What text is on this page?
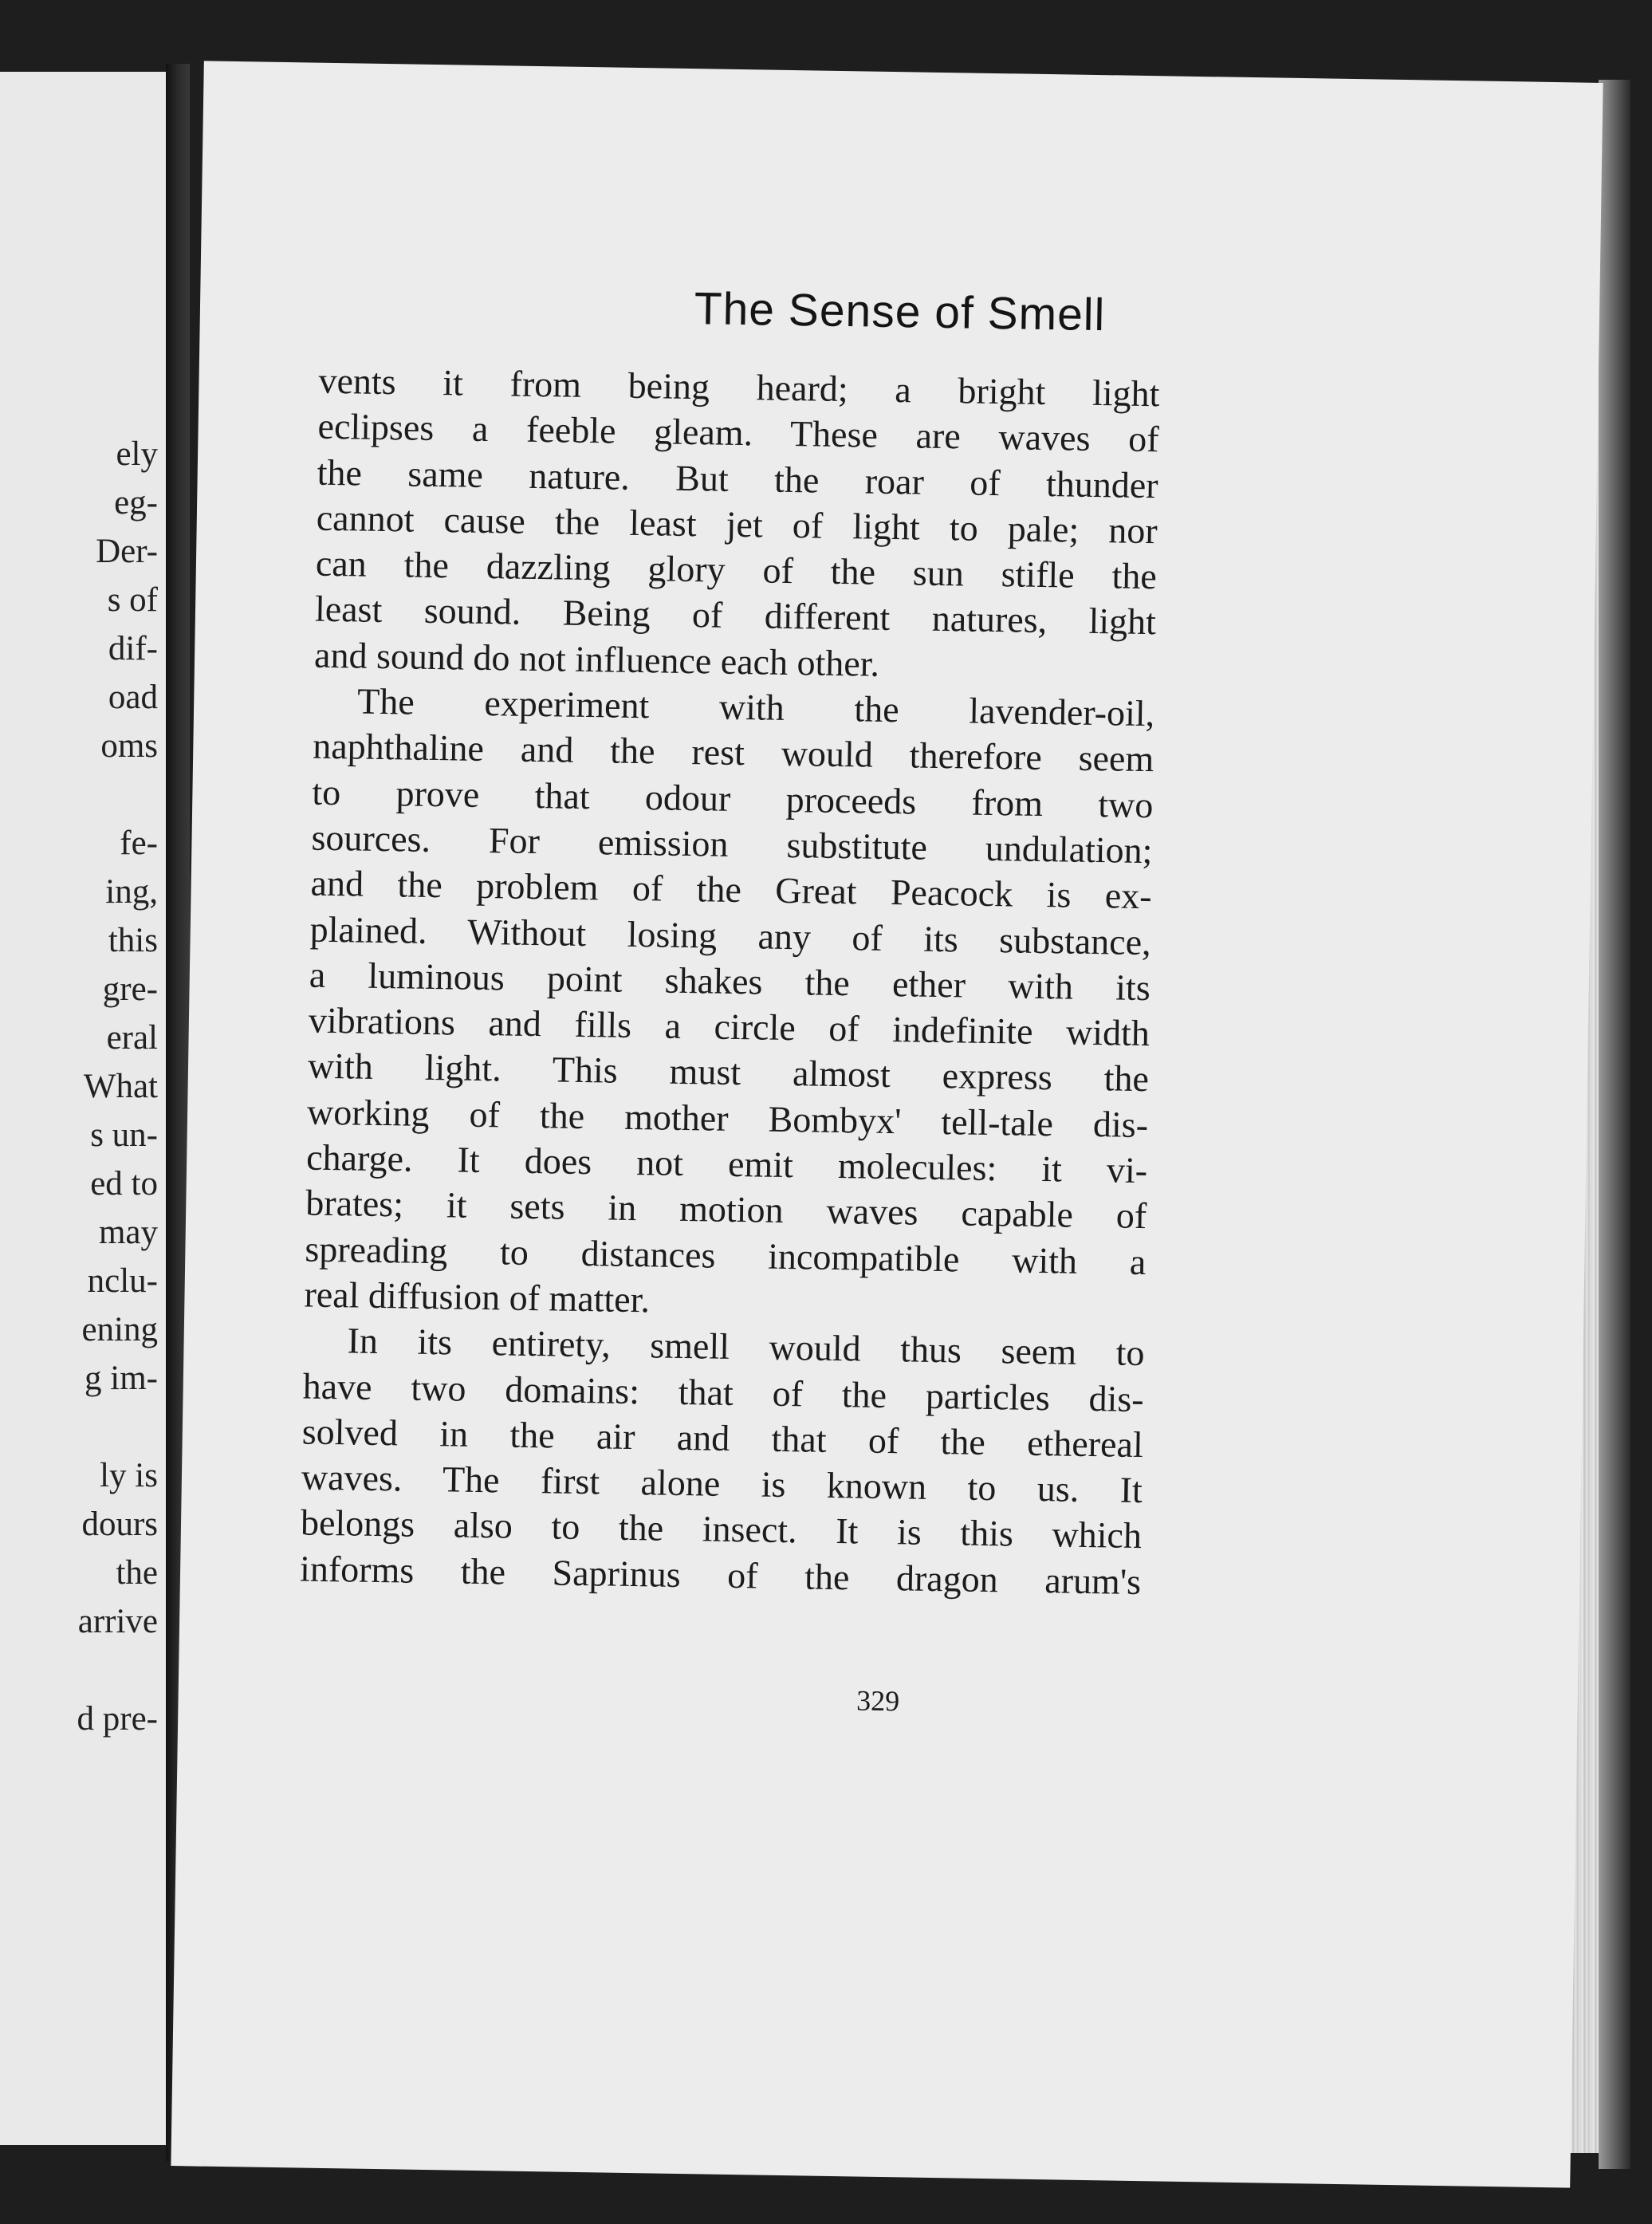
ely
eg-
Der-
s of
dif-
oad
oms
fe-
ing,
this
gre-
eral
What
s un-
ed to
may
nclu-
ening
g im-
ly is
dours
the
arrive
d pre-
The Sense of Smell
vents it from being heard; a bright light
eclipses a feeble gleam. These are waves of
the same nature. But the roar of thunder
cannot cause the least jet of light to pale; nor
can the dazzling glory of the sun stifle the
least sound. Being of different natures, light
and sound do not influence each other.
The experiment with the lavender-oil,
naphthaline and the rest would therefore seem
to prove that odour proceeds from two
sources. For emission substitute undulation;
and the problem of the Great Peacock is ex-
plained. Without losing any of its substance,
a luminous point shakes the ether with its
vibrations and fills a circle of indefinite width
with light. This must almost express the
working of the mother Bombyx' tell-tale dis-
charge. It does not emit molecules: it vi-
brates; it sets in motion waves capable of
spreading to distances incompatible with a
real diffusion of matter.
In its entirety, smell would thus seem to
have two domains: that of the particles dis-
solved in the air and that of the ethereal
waves. The first alone is known to us. It
belongs also to the insect. It is this which
informs the Saprinus of the dragon arum's
329
